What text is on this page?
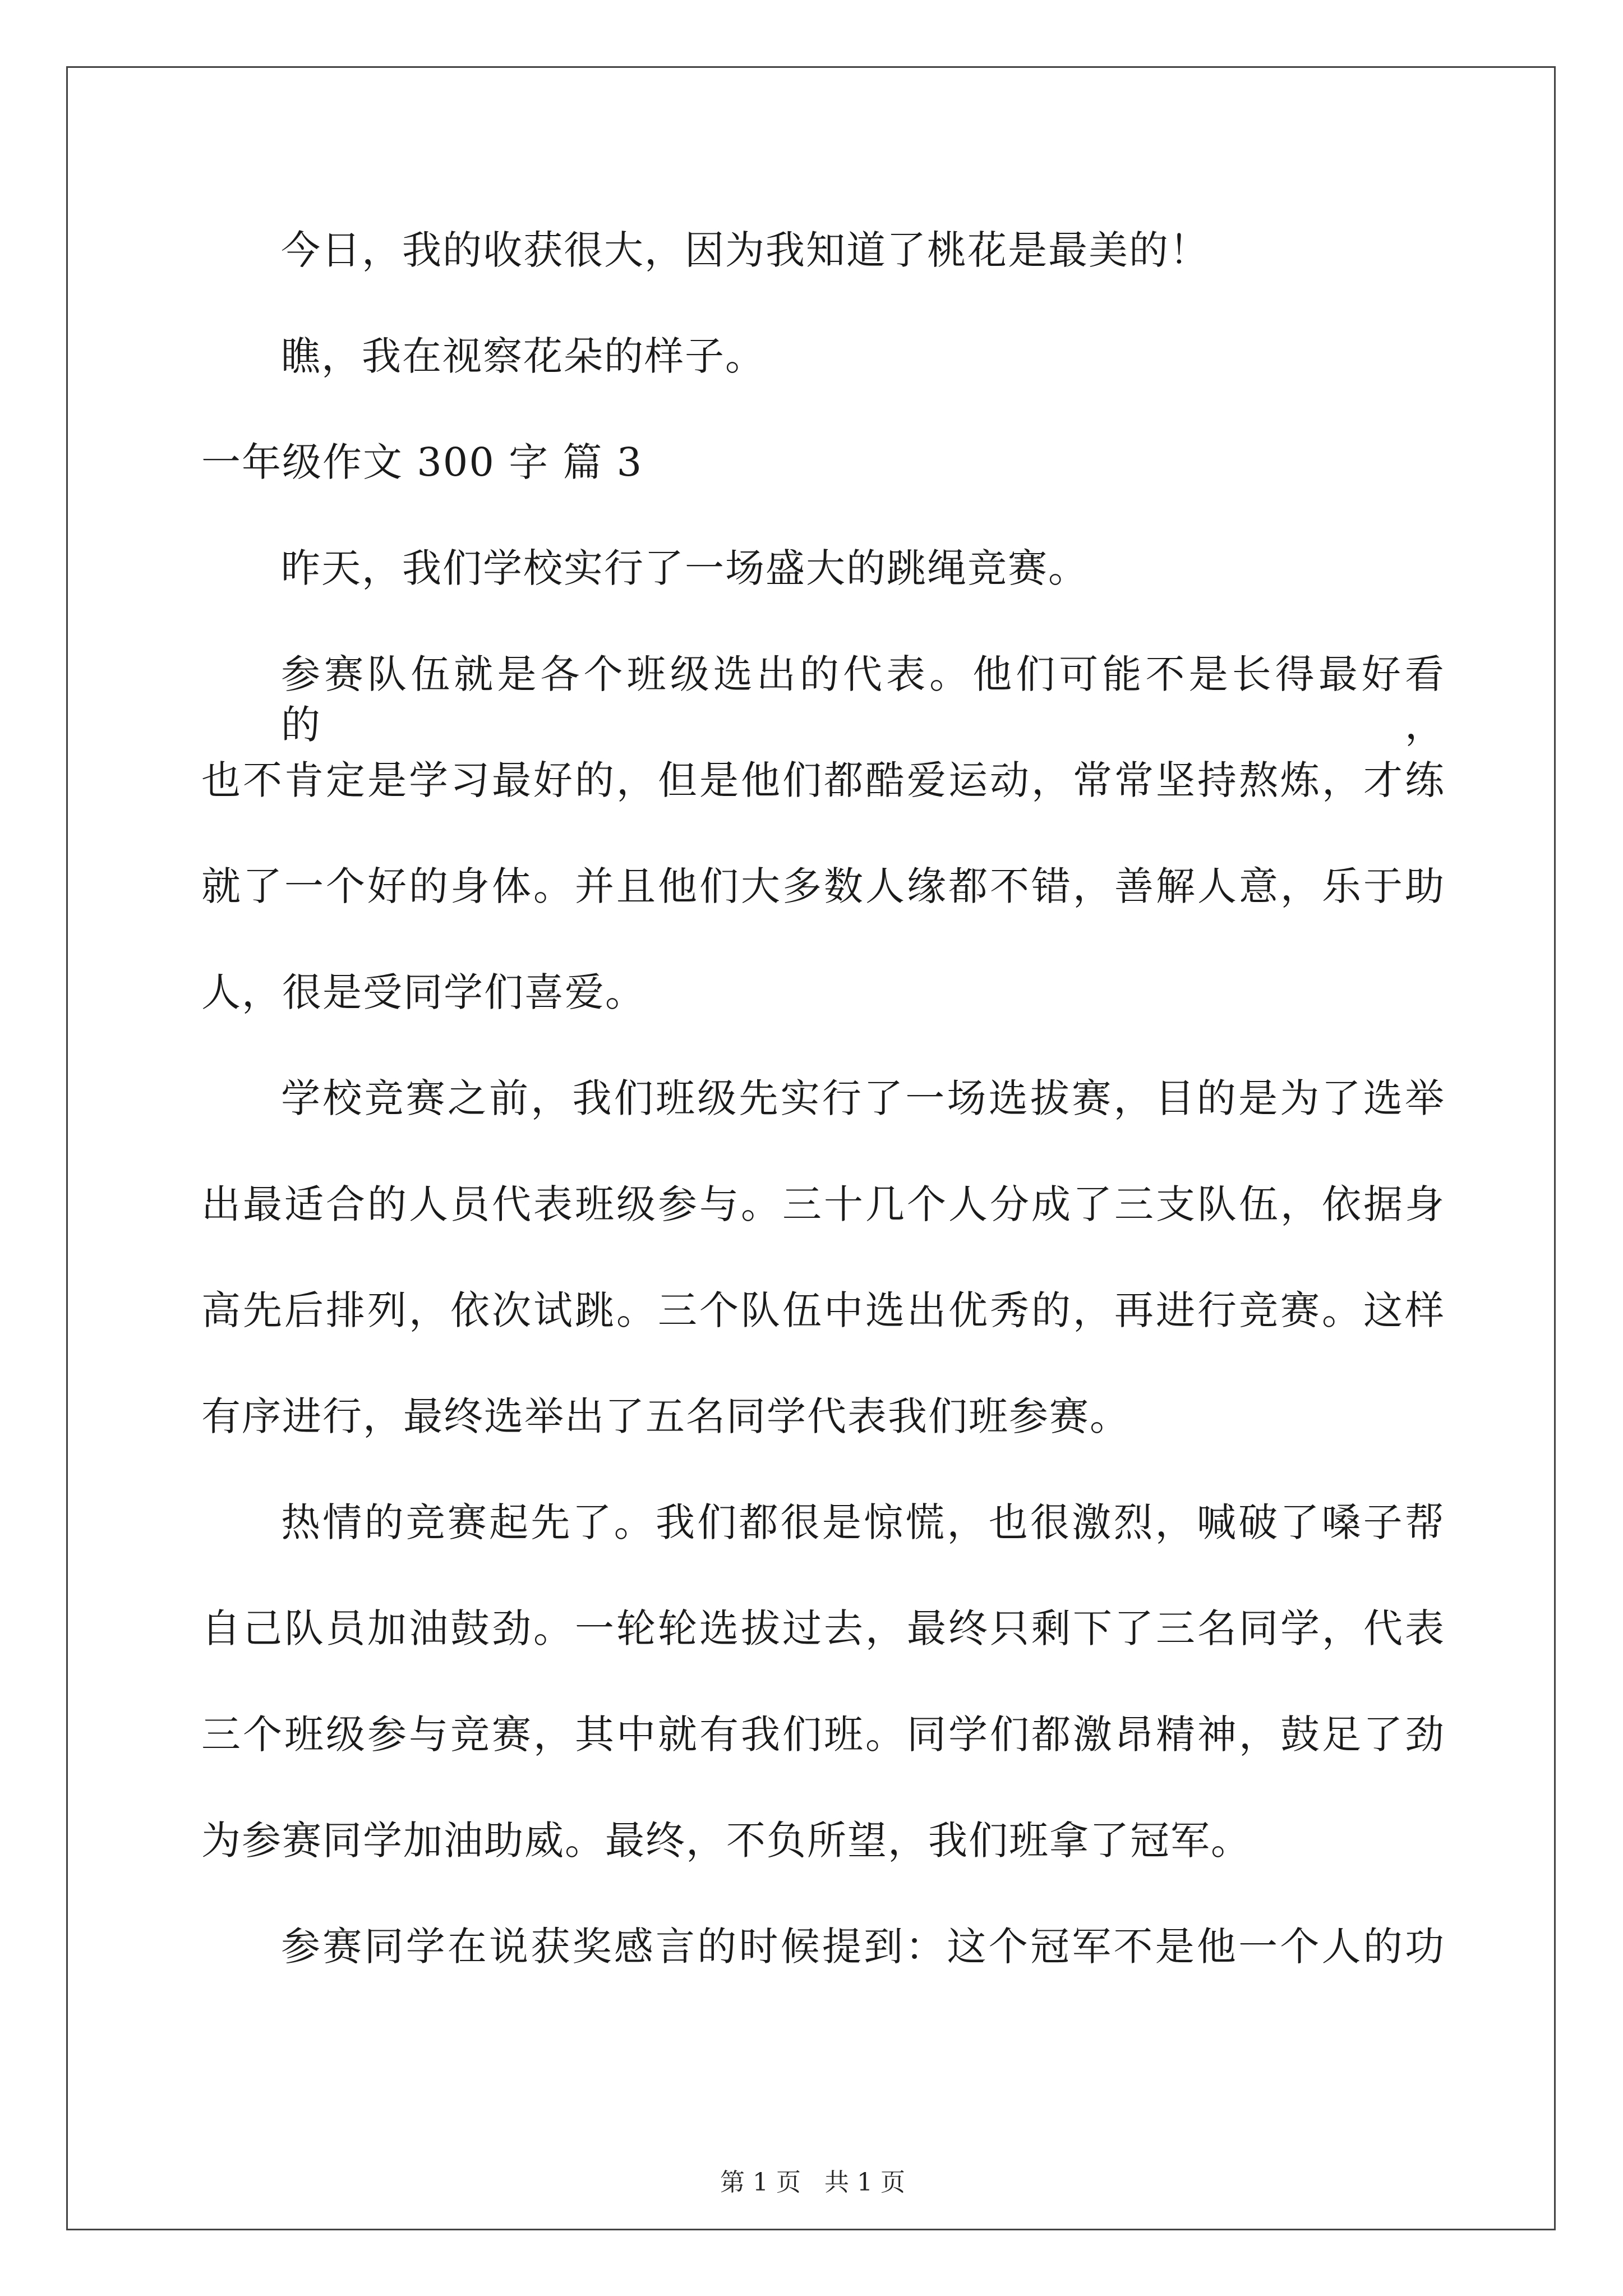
今日，我的收获很大，因为我知道了桃花是最美的！
瞧，我在视察花朵的样子。
一年级作文 300 字 篇 3
昨天，我们学校实行了一场盛大的跳绳竞赛。
参赛队伍就是各个班级选出的代表。他们可能不是长得最好看的，
也不肯定是学习最好的，但是他们都酷爱运动，常常坚持熬炼，才练
就了一个好的身体。并且他们大多数人缘都不错，善解人意，乐于助
人，很是受同学们喜爱。
学校竞赛之前，我们班级先实行了一场选拔赛，目的是为了选举
出最适合的人员代表班级参与。三十几个人分成了三支队伍，依据身
高先后排列，依次试跳。三个队伍中选出优秀的，再进行竞赛。这样
有序进行，最终选举出了五名同学代表我们班参赛。
热情的竞赛起先了。我们都很是惊慌，也很激烈，喊破了嗓子帮
自己队员加油鼓劲。一轮轮选拔过去，最终只剩下了三名同学，代表
三个班级参与竞赛，其中就有我们班。同学们都激昂精神，鼓足了劲
为参赛同学加油助威。最终，不负所望，我们班拿了冠军。
参赛同学在说获奖感言的时候提到：这个冠军不是他一个人的功
第 1 页 共 1 页
